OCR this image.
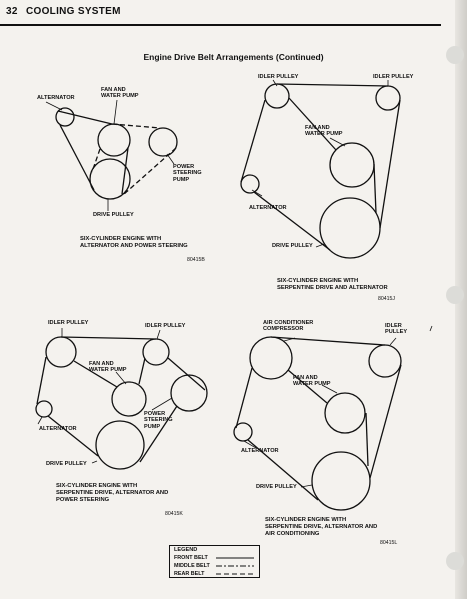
32 COOLING SYSTEM
Engine Drive Belt Arrangements (Continued)
ALTERNATOR
FAN AND
WATER PUMP
POWER
STEERING
PUMP
DRIVE PULLEY
SIX-CYLINDER ENGINE WITH
ALTERNATOR AND POWER STEERING
80415B
IDLER PULLEY	IDLER PULLEY
FAN AND
WATER PUMP
ALTERNATOR
DRIVE PULLEY
SIX-CYLINDER ENGINE WITH
SERPENTINE DRIVE AND ALTERNATOR
80415J
IDLER PULLEY	IDLER PULLEY
FAN AND
WATER PUMP
POWER
STEERING
PUMP
ALTERNATOR
DRIVE PULLEY
SIX-CYLINDER ENGINE WITH
SERPENTINE DRIVE, ALTERNATOR AND
POWER STEERING
80415K
AIR CONDITIONER
COMPRESSOR
IDLER
PULLEY
FAN AND
WATER PUMP
ALTERNATOR
DRIVE PULLEY
SIX-CYLINDER ENGINE WITH
SERPENTINE DRIVE, ALTERNATOR AND
AIR CONDITIONING
80415L
LEGEND
FRONT BELT
MIDDLE BELT
REAR BELT
